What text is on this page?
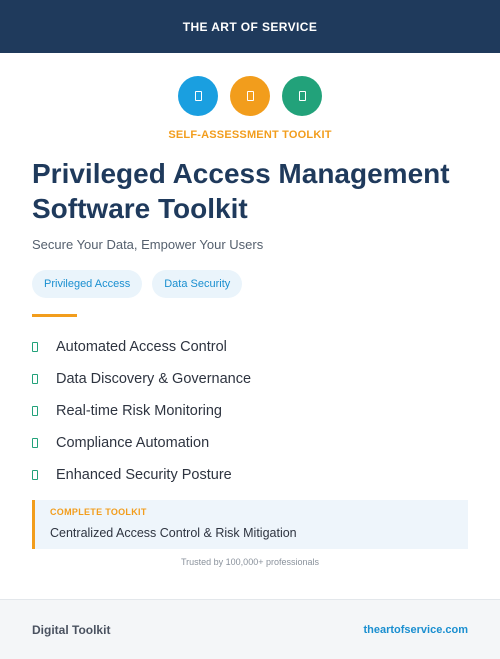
THE ART OF SERVICE
SELF-ASSESSMENT TOOLKIT
Privileged Access Management Software Toolkit

Secure Your Data, Empower Your Users

Privileged Access	Data Security
Automated Access Control
Data Discovery & Governance
Real-time Risk Monitoring
Compliance Automation
Enhanced Security Posture
COMPLETE TOOLKIT
Centralized Access Control & Risk Mitigation
Trusted by 100,000+ professionals
Digital Toolkit	theartofservice.com
